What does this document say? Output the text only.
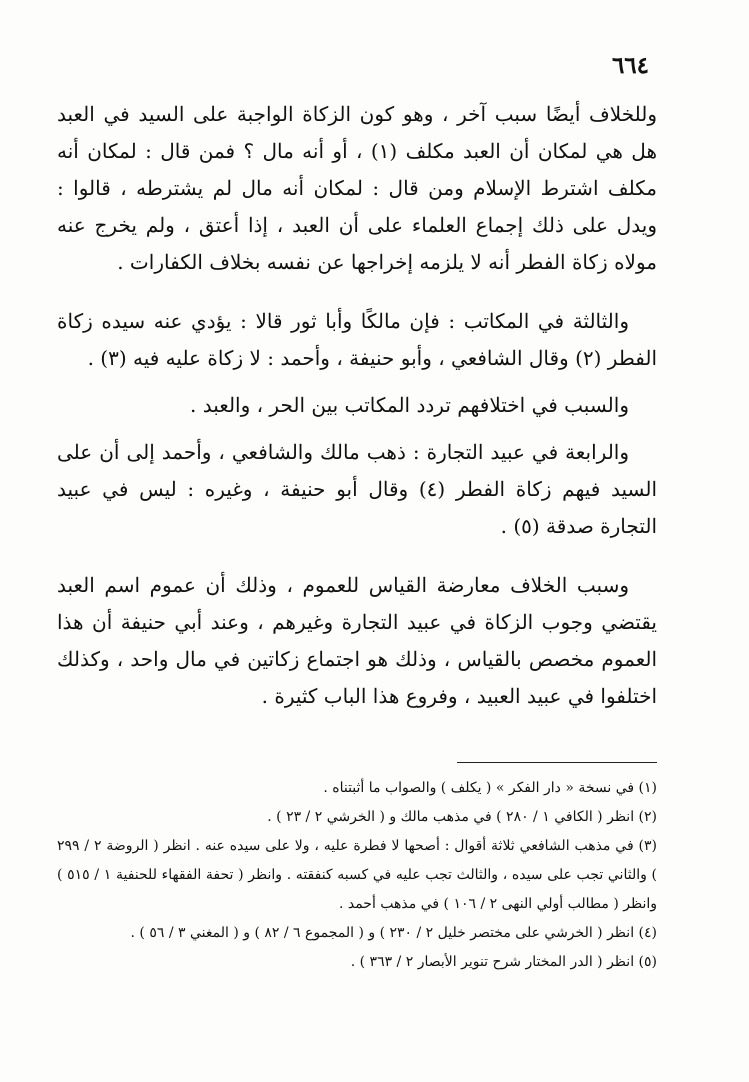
٦٦٤

وللخلاف أيضًا سبب آخر ، وهو كون الزكاة الواجبة على السيد في العبد هل هي لمكان أن العبد مكلف (١) ، أو أنه مال ؟ فمن قال : لمكان أنه مكلف اشترط الإسلام ومن قال : لمكان أنه مال لم يشترطه ، قالوا : ويدل على ذلك إجماع العلماء على أن العبد ، إذا أعتق ، ولم يخرج عنه مولاه زكاة الفطر أنه لا يلزمه إخراجها عن نفسه بخلاف الكفارات .

والثالثة في المكاتب : فإن مالكًا وأبا ثور قالا : يؤدي عنه سيده زكاة الفطر (٢) وقال الشافعي ، وأبو حنيفة ، وأحمد : لا زكاة عليه فيه (٣) .

والسبب في اختلافهم تردد المكاتب بين الحر ، والعبد .

والرابعة في عبيد التجارة : ذهب مالك والشافعي ، وأحمد إلى أن على السيد فيهم زكاة الفطر (٤) وقال أبو حنيفة ، وغيره : ليس في عبيد التجارة صدقة (٥) .

وسبب الخلاف معارضة القياس للعموم ، وذلك أن عموم اسم العبد يقتضي وجوب الزكاة في عبيد التجارة وغيرهم ، وعند أبي حنيفة أن هذا العموم مخصص بالقياس ، وذلك هو اجتماع زكاتين في مال واحد ، وكذلك اختلفوا في عبيد العبيد ، وفروع هذا الباب كثيرة .

(١) في نسخة « دار الفكر » ( يكلف ) والصواب ما أثبتناه .

(٢) انظر ( الكافي ١ / ٢٨٠ ) في مذهب مالك و ( الخرشي ٢ / ٢٣ ) .

(٣) في مذهب الشافعي ثلاثة أقوال : أصحها لا فطرة عليه ، ولا على سيده عنه . انظر ( الروضة ٢ / ٢٩٩ ) والثاني تجب على سيده ، والثالث تجب عليه في كسبه كنفقته . وانظر ( تحفة الفقهاء للحنفية ١ / ٥١٥ ) وانظر ( مطالب أولي النهى ٢ / ١٠٦ ) في مذهب أحمد .

(٤) انظر ( الخرشي على مختصر خليل ٢ / ٢٣٠ ) و ( المجموع ٦ / ٨٢ ) و ( المغني ٣ / ٥٦ ) .

(٥) انظر ( الدر المختار شرح تنوير الأبصار ٢ / ٣٦٣ ) .
